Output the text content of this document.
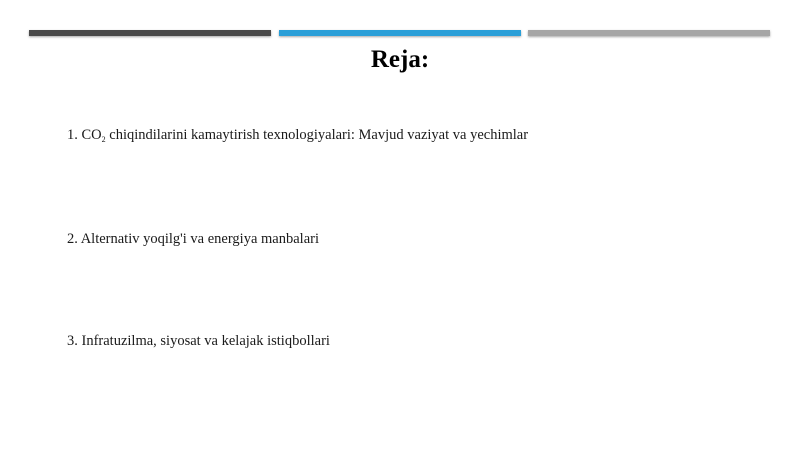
Reja:
1. $CO_2$ chiqindilarini kamaytirish texnologiyalari: Mavjud vaziyat va yechimlar
2. Alternativ yoqilg'i va energiya manbalari
3. Infratuzilma, siyosat va kelajak istiqbollari
